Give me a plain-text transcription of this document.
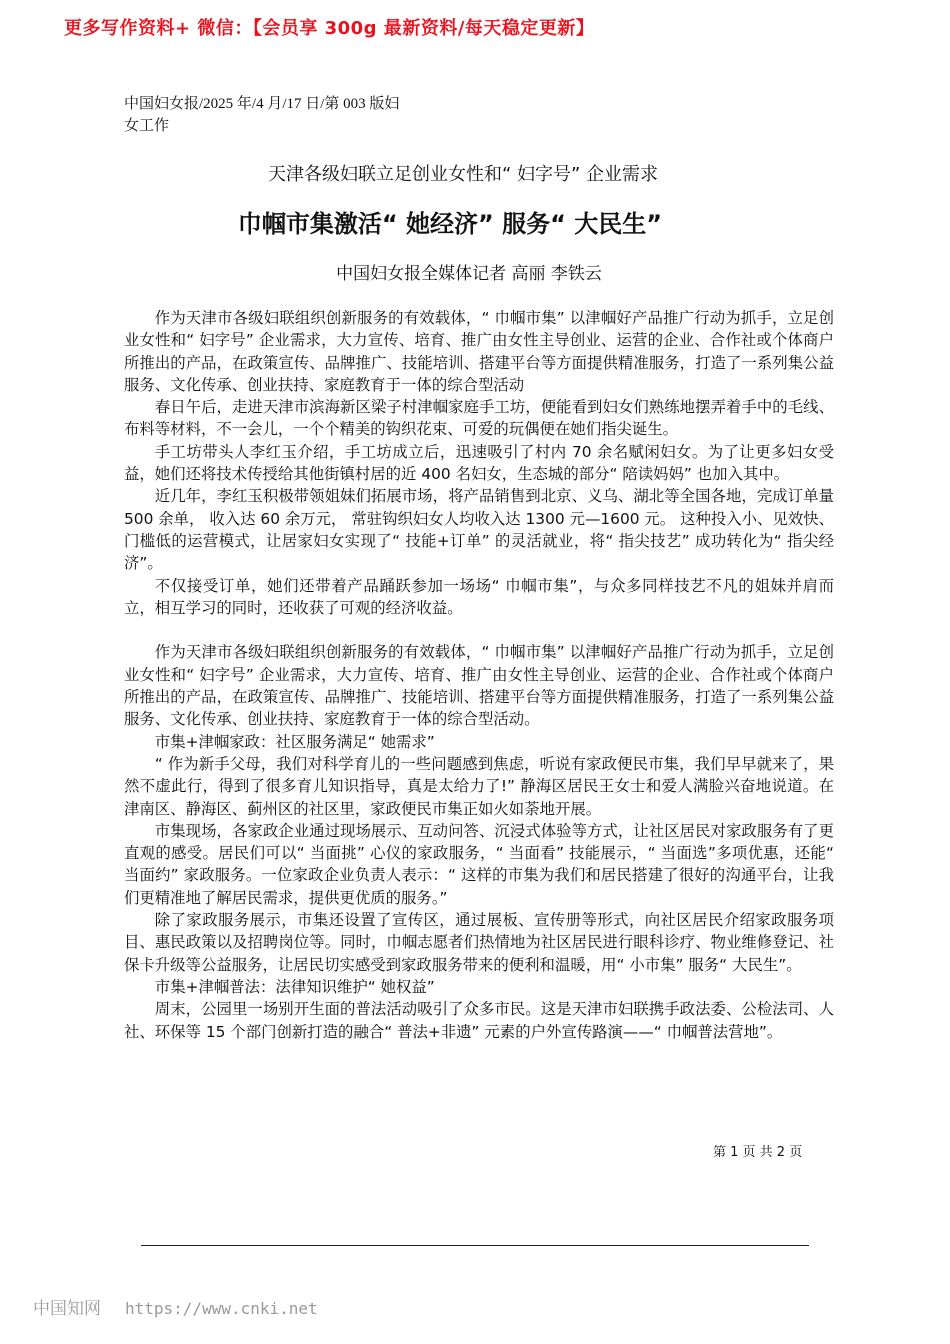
更多写作资料+ 微信：【会员享 300g 最新资料/每天稳定更新】
中国妇女报/2025 年/4 月/17 日/第 003 版妇女工作
天津各级妇联立足创业女性和“ 妇字号” 企业需求
巾帼市集激活“ 她经济” 服务“ 大民生”
中国妇女报全媒体记者 高丽 李铁云

作为天津市各级妇联组织创新服务的有效载体，“ 巾帼市集” 以津帼好产品推广行动为抓手，立足创业女性和“ 妇字号” 企业需求，大力宣传、培育、推广由女性主导创业、运营的企业、合作社或个体商户所推出的产品，在政策宣传、品牌推广、技能培训、搭建平台等方面提供精准服务，打造了一系列集公益服务、文化传承、创业扶持、家庭教育于一体的综合型活动

春日午后，走进天津市滨海新区梁子村津帼家庭手工坊，便能看到妇女们熟练地摆弄着手中的毛线、布料等材料，不一会儿，一个个精美的钩织花束、可爱的玩偶便在她们指尖诞生。

手工坊带头人李红玉介绍，手工坊成立后，迅速吸引了村内 70 余名赋闲妇女。为了让更多妇女受益，她们还将技术传授给其他街镇村居的近 400 名妇女，生态城的部分“ 陪读妈妈” 也加入其中。

近几年，李红玉积极带领姐妹们拓展市场，将产品销售到北京、义乌、湖北等全国各地，完成订单量 500 余单， 收入达 60 余万元， 常驻钩织妇女人均收入达 1300 元—1600 元。 这种投入小、见效快、门槛低的运营模式，让居家妇女实现了“ 技能+订单” 的灵活就业，将“ 指尖技艺” 成功转化为“ 指尖经济”。

不仅接受订单，她们还带着产品踊跃参加一场场“ 巾帼市集”，与众多同样技艺不凡的姐妹并肩而立，相互学习的同时，还收获了可观的经济收益。

作为天津市各级妇联组织创新服务的有效载体，“ 巾帼市集” 以津帼好产品推广行动为抓手，立足创业女性和“ 妇字号” 企业需求，大力宣传、培育、推广由女性主导创业、运营的企业、合作社或个体商户所推出的产品，在政策宣传、品牌推广、技能培训、搭建平台等方面提供精准服务，打造了一系列集公益服务、文化传承、创业扶持、家庭教育于一体的综合型活动。

市集+津帼家政：社区服务满足“ 她需求”

“ 作为新手父母，我们对科学育儿的一些问题感到焦虑，听说有家政便民市集，我们早早就来了，果然不虚此行，得到了很多育儿知识指导，真是太给力了!” 静海区居民王女士和爱人满脸兴奋地说道。在津南区、静海区、蓟州区的社区里，家政便民市集正如火如荼地开展。

市集现场，各家政企业通过现场展示、互动问答、沉浸式体验等方式，让社区居民对家政服务有了更直观的感受。居民们可以“ 当面挑” 心仪的家政服务，“ 当面看” 技能展示，“ 当面选”多项优惠，还能“ 当面约” 家政服务。一位家政企业负责人表示：“ 这样的市集为我们和居民搭建了很好的沟通平台，让我们更精准地了解居民需求，提供更优质的服务。”

除了家政服务展示，市集还设置了宣传区，通过展板、宣传册等形式，向社区居民介绍家政服务项目、惠民政策以及招聘岗位等。同时，巾帼志愿者们热情地为社区居民进行眼科诊疗、物业维修登记、社保卡升级等公益服务，让居民切实感受到家政服务带来的便利和温暖，用“ 小市集” 服务“ 大民生”。

市集+津帼普法：法律知识维护“ 她权益”

周末，公园里一场别开生面的普法活动吸引了众多市民。这是天津市妇联携手政法委、公检法司、人社、环保等 15 个部门创新打造的融合“ 普法+非遗” 元素的户外宣传路演——“ 巾帼普法营地”。

第 1 页 共 2 页
中国知网 https://www.cnki.net
